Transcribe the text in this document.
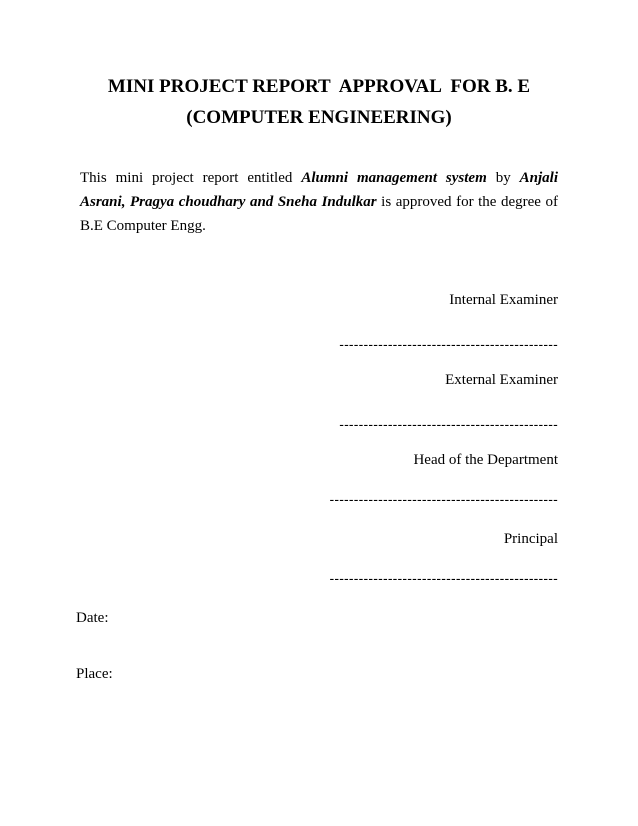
MINI PROJECT REPORT  APPROVAL  FOR B. E
(COMPUTER ENGINEERING)
This mini project report entitled Alumni management system by Anjali Asrani, Pragya choudhary and Sneha Indulkar is approved for the degree of B.E Computer Engg.
Internal Examiner
---------------------------------------------
External Examiner
---------------------------------------------
Head of the Department
-----------------------------------------------
Principal
-----------------------------------------------
Date:
Place:
